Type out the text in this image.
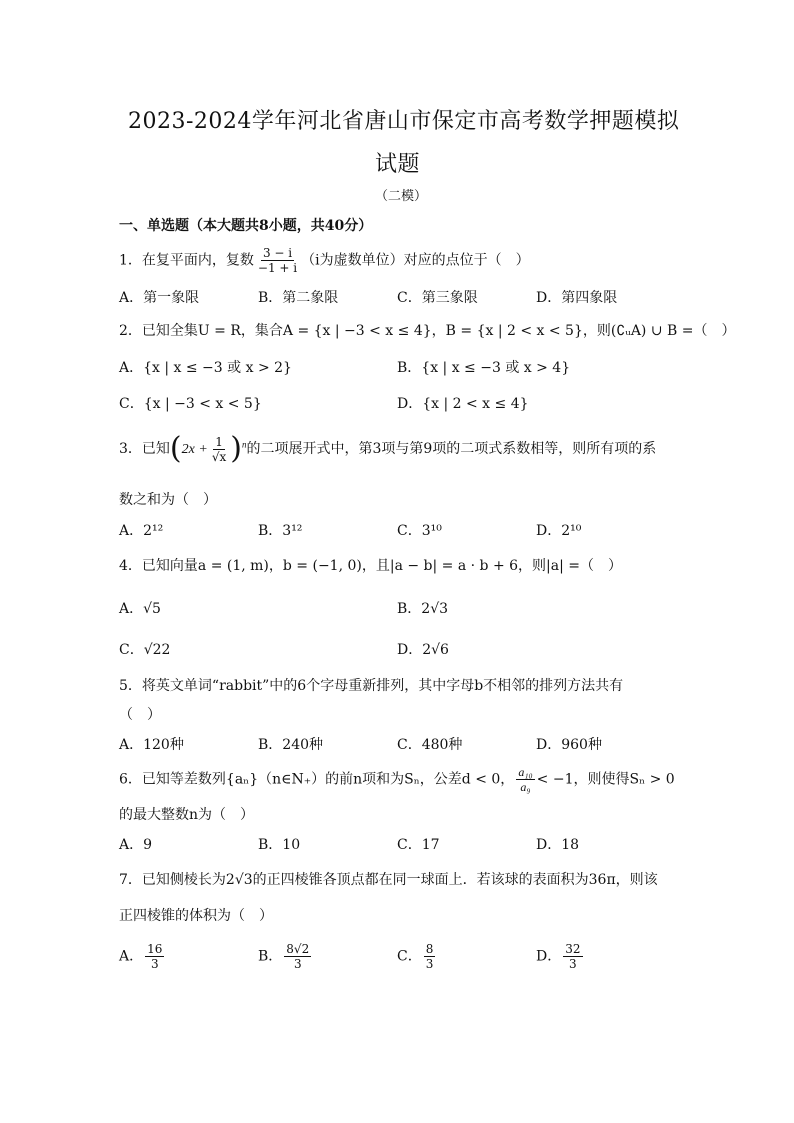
2023-2024学年河北省唐山市保定市高考数学押题模拟
试题
（二模）
一、单选题（本大题共8小题，共40分）
1．在复平面内，复数 $\frac{3 - i}{-1 + i} (i$为虚数单位）对应的点位于（　）
A．第一象限	B．第二象限	C．第三象限	D．第四象限
2．已知全集U = R，集合A = {x | −3 < x ≤ 4}，B = {x | 2 < x < 5}，则(∁ᵤA) ∪ B =（　）
A．{x | x ≤ −3 或 x > 2}	B．{x | x ≤ −3 或 x > 4}
C．{x | −3 < x < 5}	D．{x | 2 < x ≤ 4}
3．已知$(2x + \frac{1}{√x} )^n$的二项展开式中，第3项与第9项的二项式系数相等，则所有项的系
数之和为（　）
A．2¹²	B．3¹²	C．3¹⁰	D．2¹⁰
4．已知向量a = (1, m)，b = (−1, 0)，且|a − b| = a · b + 6，则|a| =（　）
A．√5	B．2√3
C．√22	D．2√6
5．将英文单词“rabbit”中的6个字母重新排列，其中字母b不相邻的排列方法共有
（　）
A．120种	B．240种	C．480种	D．960种
6．已知等差数列{aₙ}（n∈N₊）的前n项和为Sₙ，公差d < 0， $\frac{\text{a₁₀}}{\text{a₉}} < -1$，则使得Sₙ > 0
的最大整数n为（　）
A．9	B．10	C．17	D．18
7．已知侧棱长为2√3的正四棱锥各顶点都在同一球面上．若该球的表面积为36π，则该
正四棱锥的体积为（　）
A． $\frac{16}{3}$	B． $\frac{8√2}{3}$	C． $\frac{8}{3}$	D． $\frac{32}{3}$
